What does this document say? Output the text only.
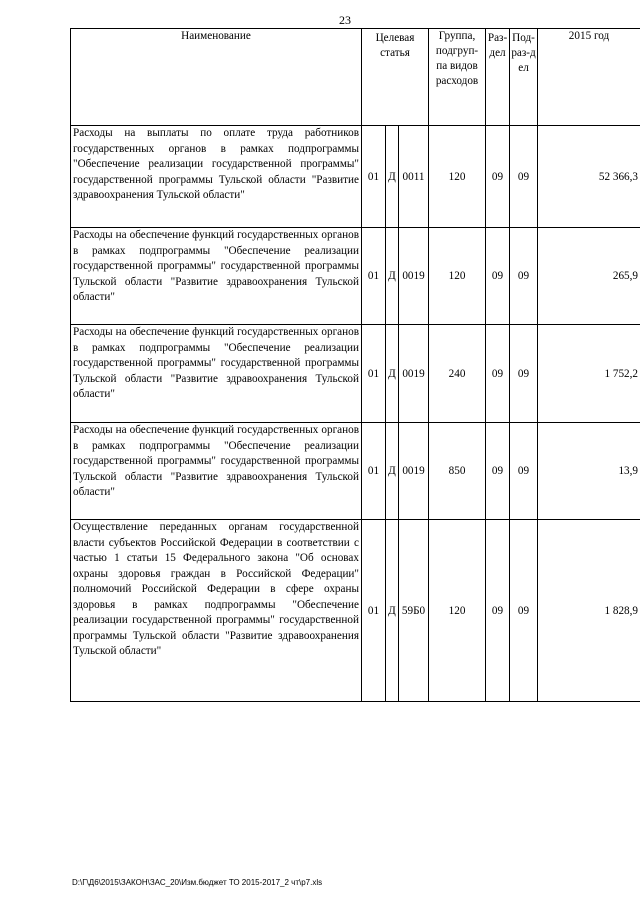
23
Наименование	Целевая статья			Группа, подгруп-па видов расходов	Раз-дел	Под-раз-дел	2015 год
Расходы на выплаты по оплате труда работников государственных органов в рамках подпрограммы "Обеспечение реализации государственной программы" государственной программы Тульской области "Развитие здравоохранения Тульской области"	01	Д	0011	120	09	09	52 366,3
Расходы на обеспечение функций государственных органов в рамках подпрограммы "Обеспечение реализации государственной программы" государственной программы Тульской области "Развитие здравоохранения Тульской области"	01	Д	0019	120	09	09	265,9
Расходы на обеспечение функций государственных органов в рамках подпрограммы "Обеспечение реализации государственной программы" государственной программы Тульской области "Развитие здравоохранения Тульской области"	01	Д	0019	240	09	09	1 752,2
Расходы на обеспечение функций государственных органов в рамках подпрограммы "Обеспечение реализации государственной программы" государственной программы Тульской области "Развитие здравоохранения Тульской области"	01	Д	0019	850	09	09	13,9
Осуществление переданных органам государственной власти субъектов Российской Федерации в соответствии с частью 1 статьи 15 Федерального закона "Об основах охраны здоровья граждан в Российской Федерации" полномочий Российской Федерации в сфере охраны здоровья в рамках подпрограммы "Обеспечение реализации государственной программы" государственной программы Тульской области "Развитие здравоохранения Тульской области"	01	Д	59Б0	120	09	09	1 828,9
D:\Г\Д6\2015\ЗАКОН\ЗАС_20\Изм.бюджет ТО 2015-2017_2 чт\р7.xls
